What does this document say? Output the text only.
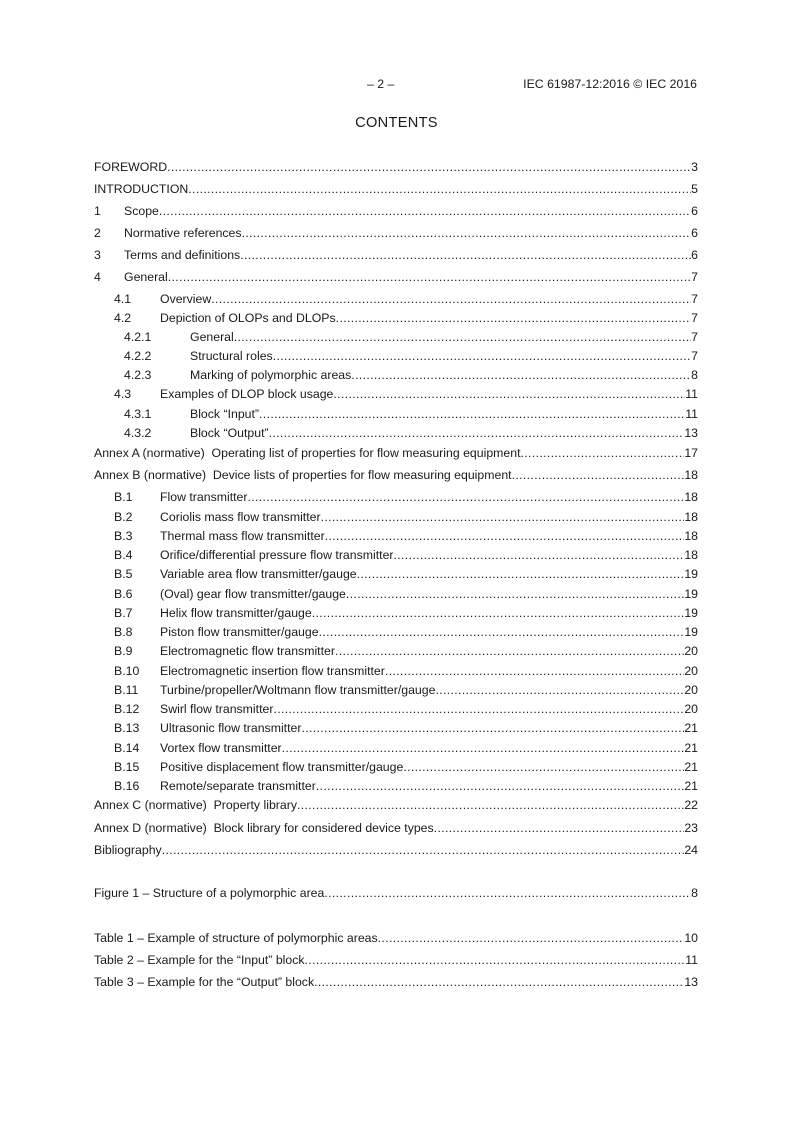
– 2 –	IEC 61987-12:2016 © IEC 2016
CONTENTS
FOREWORD .....	3
INTRODUCTION .....	5
1	Scope .....	6
2	Normative references .....	6
3	Terms and definitions .....	6
4	General .....	7
4.1	Overview .....	7
4.2	Depiction of OLOPs and DLOPs .....	7
4.2.1	General .....	7
4.2.2	Structural roles .....	7
4.2.3	Marking of polymorphic areas .....	8
4.3	Examples of DLOP block usage .....	11
4.3.1	Block “Input” .....	11
4.3.2	Block “Output” .....	13
Annex A (normative)  Operating list of properties for flow measuring equipment .....	17
Annex B (normative)  Device lists of properties for flow measuring equipment .....	18
B.1	Flow transmitter .....	18
B.2	Coriolis mass flow transmitter .....	18
B.3	Thermal mass flow transmitter .....	18
B.4	Orifice/differential pressure flow transmitter .....	18
B.5	Variable area flow transmitter/gauge .....	19
B.6	(Oval) gear flow transmitter/gauge .....	19
B.7	Helix flow transmitter/gauge .....	19
B.8	Piston flow transmitter/gauge .....	19
B.9	Electromagnetic flow transmitter .....	20
B.10	Electromagnetic insertion flow transmitter .....	20
B.11	Turbine/propeller/Woltmann flow transmitter/gauge .....	20
B.12	Swirl flow transmitter .....	20
B.13	Ultrasonic flow transmitter .....	21
B.14	Vortex flow transmitter .....	21
B.15	Positive displacement flow transmitter/gauge .....	21
B.16	Remote/separate transmitter .....	21
Annex C (normative)  Property library .....	22
Annex D (normative)  Block library for considered device types .....	23
Bibliography .....	24
Figure 1 – Structure of a polymorphic area .....	8
Table 1 – Example of structure of polymorphic areas .....	10
Table 2 – Example for the “Input” block .....	11
Table 3 – Example for the “Output” block .....	13
